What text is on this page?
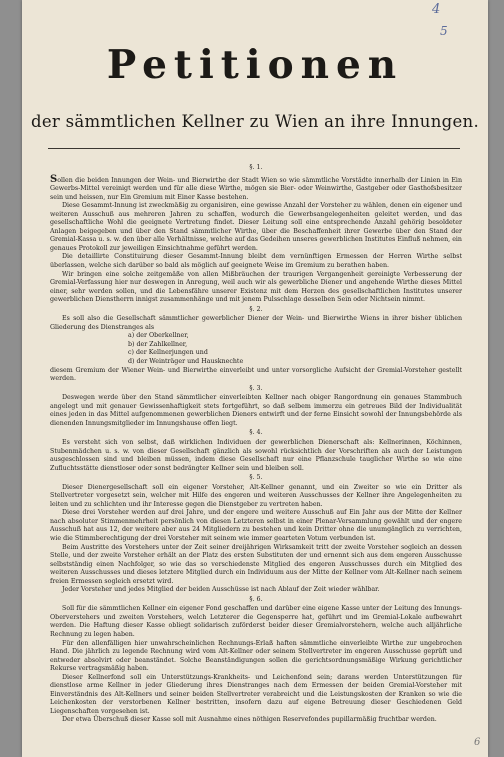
4
5
6
Petitionen
der sämmtlichen Kellner zu Wien an ihre Innungen.
§. 1.

Sollen die beiden Innungen der Wein- und Bierwirthe der Stadt Wien so wie sämmtliche Vorstädte innerhalb der Linien in Ein Gewerbs-Mittel vereinigt werden und für alle diese Wirthe, mögen sie Bier- oder Weinwirthe, Gastgeber oder Gasthofsbesitzer sein und heissen, nur Ein Gremium mit Einer Kasse bestehen.

Diese Gesammt-Innung ist zweckmäßig zu organisiren, eine gewisse Anzahl der Vorsteher zu wählen, denen ein eigener und weiteren Ausschuß aus mehreren Jahren zu schaffen, wodurch die Gewerbsangelegenheiten geleitet werden, und das gesellschaftliche Wohl die geeignete Vertretung findet. Dieser Leitung soll eine entsprechende Anzahl gehörig besoldeter Anlagen beigegeben und über den Stand sämmtlicher Wirthe, über die Beschaffenheit ihrer Gewerbe über den Stand der Gremial-Kassa u. s. w. den über alle Verhältnisse, welche auf das Gedeihen unseres gewerblichen Institutes Einfluß nehmen, ein genaues Protokoll zur jeweiligen Einsichtnahme geführt werden.

Die detaillirte Constituirung dieser Gesammt-Innung bleibt dem vernünftigen Ermessen der Herren Wirthe selbst überlassen, welche sich darüber so bald als möglich auf geeignete Weise im Gremium zu berathen haben.

Wir bringen eine solche zeitgemäße von allen Mißbräuchen der traurigen Vergangenheit gereinigte Verbesserung der Gremial-Verfassung hier nur deswegen in Anregung, weil auch wir als gewerbliche Diener und angehende Wirthe dieses Mittel einer, sehr werden sollen, und die Lebensfähre unserer Existenz mit dem Herzen des gesellschaftlichen Institutes unserer gewerblichen Dienstherrn innigst zusammenhänge und mit jenem Pulsschlage desselben Sein oder Nichtsein nimmt.

§. 2.

Es soll also die Gesellschaft sämmtlicher gewerblicher Diener der Wein- und Bierwirthe Wiens in ihrer bisher üblichen Gliederung des Dienstranges als

a) der Oberkellner,
b) der Zahlkellner,
c) der Kellnerjungen und
d) der Weinträger und Hausknechte

diesem Gremium der Wiener Wein- und Bierwirthe einverleibt und unter vorsorgliche Aufsicht der Gremial-Vorsteher gestellt werden.

§. 3.

Deswegen werde über den Stand sämmtlicher einverleibten Kellner nach obiger Rangordnung ein genaues Stammbuch angelegt und mit genauer Gewissenhaftigkeit stets fortgeführt, so daß selbem immerzu ein getreues Bild der Individualität eines jeden in das Mittel aufgenommenen gewerblichen Dieners entwirft und der ferne Einsicht sowohl der Innungsbehörde als dienenden Innungsmitglieder im Innungshause offen liegt.

§. 4.

Es versteht sich von selbst, daß wirklichen Individuen der gewerblichen Dienerschaft als: Kellnerinnen, Köchinnen, Stubenmädchen u. s. w. von dieser Gesellschaft gänzlich als sowohl rücksichtlich der Vorschriften als auch der Leistungen ausgeschlossen sind und bleiben müssen, indem diese Gesellschaft nur eine Pflanzschule tauglicher Wirthe so wie eine Zufluchtsstätte dienstloser oder sonst bedrängter Kellner sein und bleiben soll.

§. 5.

Dieser Dienergesellschaft soll ein eigener Vorsteher, Alt-Kellner genannt, und ein Zweiter so wie ein Dritter als Stellvertreter vorgesetzt sein, welcher mit Hilfe des engeren und weiteren Ausschusses der Kellner ihre Angelegenheiten zu leiten und zu schlichten und ihr Interesse gegen die Dienstgeber zu vertreten haben.

Diese drei Vorsteher werden auf drei Jahre, und der engere und weitere Ausschuß auf Ein Jahr aus der Mitte der Kellner nach absoluter Stimmenmehrheit persönlich von diesen Letzteren selbst in einer Plenar-Versammlung gewählt und der engere Ausschuß hat aus 12, der weitere aber aus 24 Mitgliedern zu bestehen und kein Dritter ohne die unumgänglich zu verrichten, wie die Stimmberechtigung der drei Vorsteher mit seinem wie immer gearteten Votum verbunden ist.

Beim Austritte des Vorstehers unter der Zeit seiner dreijährigen Wirksamkeit tritt der zweite Vorsteher sogleich an dessen Stelle, und der zweite Vorsteher erhält an der Platz des ersten Substituten der und ernennt sich aus dem engeren Ausschusse selbstständig einen Nachfolger, so wie das so verschiedenste Mitglied des engeren Ausschusses durch ein Mitglied des weiteren Ausschusses und dieses letztere Mitglied durch ein Individuum aus der Mitte der Kellner vom Alt-Kellner nach seinem freien Ermessen sogleich ersetzt wird.

Jeder Vorsteher und jedes Mitglied der beiden Ausschüsse ist nach Ablauf der Zeit wieder wählbar.

§. 6.

Soll für die sämmtlichen Kellner ein eigener Fond geschaffen und darüber eine eigene Kasse unter der Leitung des Innungs-Oberverstehers und zweiten Vorstehers, welch Letzterer die Gegensperre hat, geführt und im Gremial-Lokale aufbewahrt werden. Die Haftung dieser Kasse obliegt solidarisch zuförderst beider dieser Gremialvorstehern, welche auch alljährliche Rechnung zu legen haben.

Für den allenfälligen hier unwahrscheinlichen Rechnungs-Erlaß haften sämmtliche einverleibte Wirthe zur ungebrochen Hand. Die jährlich zu legende Rechnung wird vom Alt-Kellner oder seinem Stellvertreter im engeren Ausschusse geprüft und entweder absolvirt oder beanständet. Solche Beanständigungen sollen die gerichtsordnungsmäßige Wirkung gerichtlicher Rekurse vertragsmäßig haben.

Dieser Kellnerfond soll ein Unterstützungs-Krankheits- und Leichenfond sein; darans werden Unterstützungen für dienstlose arme Kellner in jeder Gliederung ihres Dienstranges nach dem Ermessen der beiden Gremial-Vorsteher mit Einverständnis des Alt-Kellners und seiner beiden Stellvertreter verabreicht und die Leistungskosten der Kranken so wie die Leichenkosten der verstorbenen Kellner bestritten, insofern dazu auf eigene Betreuung dieser Geschiedenen Geld Liegenschaften vorgesehen ist.

Der etwa Überschuß dieser Kasse soll mit Ausnahme eines nöthigen Reservefondes pupillarmäßig fruchtbar werden.
